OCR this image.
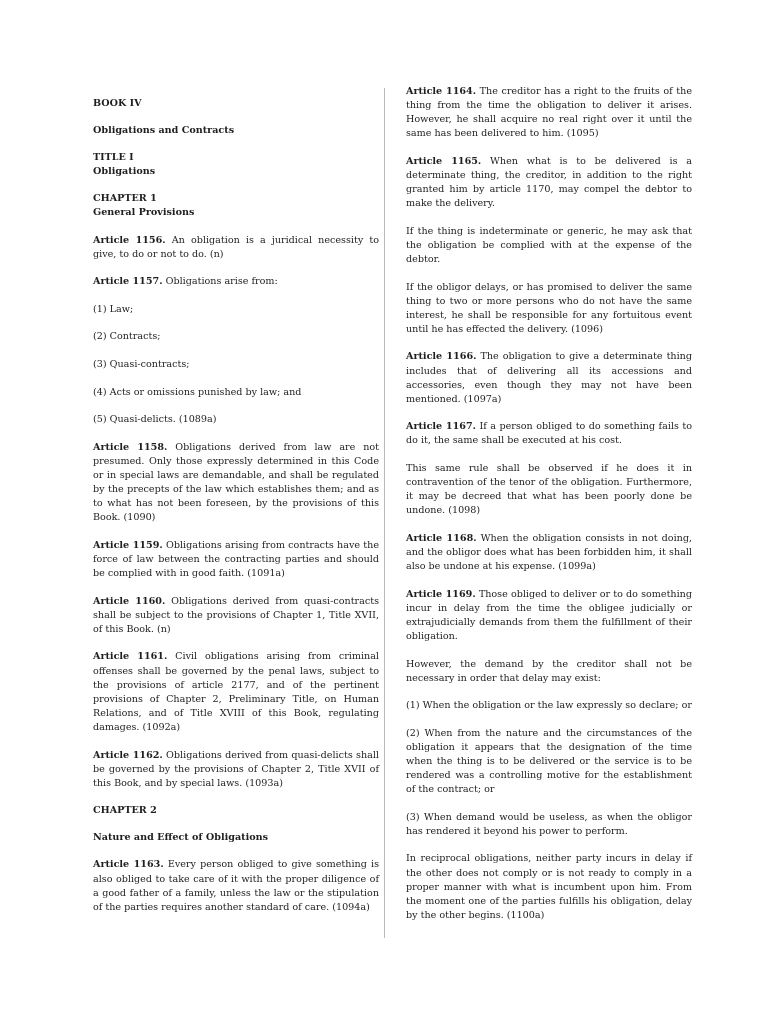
BOOK IV
Obligations and Contracts
TITLE I
Obligations
CHAPTER 1
General Provisions

Article 1156. An obligation is a juridical necessity to give, to do or not to do. (n)

Article 1157. Obligations arise from:

(1) Law;

(2) Contracts;

(3) Quasi-contracts;

(4) Acts or omissions punished by law; and

(5) Quasi-delicts. (1089a)

Article 1158. Obligations derived from law are not presumed. Only those expressly determined in this Code or in special laws are demandable, and shall be regulated by the precepts of the law which establishes them; and as to what has not been foreseen, by the provisions of this Book. (1090)

Article 1159. Obligations arising from contracts have the force of law between the contracting parties and should be complied with in good faith. (1091a)

Article 1160. Obligations derived from quasi-contracts shall be subject to the provisions of Chapter 1, Title XVII, of this Book. (n)

Article 1161. Civil obligations arising from criminal offenses shall be governed by the penal laws, subject to the provisions of article 2177, and of the pertinent provisions of Chapter 2, Preliminary Title, on Human Relations, and of Title XVIII of this Book, regulating damages. (1092a)

Article 1162. Obligations derived from quasi-delicts shall be governed by the provisions of Chapter 2, Title XVII of this Book, and by special laws. (1093a)

CHAPTER 2
Nature and Effect of Obligations

Article 1163. Every person obliged to give something is also obliged to take care of it with the proper diligence of a good father of a family, unless the law or the stipulation of the parties requires another standard of care. (1094a)

Article 1164. The creditor has a right to the fruits of the thing from the time the obligation to deliver it arises. However, he shall acquire no real right over it until the same has been delivered to him. (1095)

Article 1165. When what is to be delivered is a determinate thing, the creditor, in addition to the right granted him by article 1170, may compel the debtor to make the delivery.

If the thing is indeterminate or generic, he may ask that the obligation be complied with at the expense of the debtor.

If the obligor delays, or has promised to deliver the same thing to two or more persons who do not have the same interest, he shall be responsible for any fortuitous event until he has effected the delivery. (1096)

Article 1166. The obligation to give a determinate thing includes that of delivering all its accessions and accessories, even though they may not have been mentioned. (1097a)

Article 1167. If a person obliged to do something fails to do it, the same shall be executed at his cost.

This same rule shall be observed if he does it in contravention of the tenor of the obligation. Furthermore, it may be decreed that what has been poorly done be undone. (1098)

Article 1168. When the obligation consists in not doing, and the obligor does what has been forbidden him, it shall also be undone at his expense. (1099a)

Article 1169. Those obliged to deliver or to do something incur in delay from the time the obligee judicially or extrajudicially demands from them the fulfillment of their obligation.

However, the demand by the creditor shall not be necessary in order that delay may exist:

(1) When the obligation or the law expressly so declare; or

(2) When from the nature and the circumstances of the obligation it appears that the designation of the time when the thing is to be delivered or the service is to be rendered was a controlling motive for the establishment of the contract; or

(3) When demand would be useless, as when the obligor has rendered it beyond his power to perform.

In reciprocal obligations, neither party incurs in delay if the other does not comply or is not ready to comply in a proper manner with what is incumbent upon him. From the moment one of the parties fulfills his obligation, delay by the other begins. (1100a)
